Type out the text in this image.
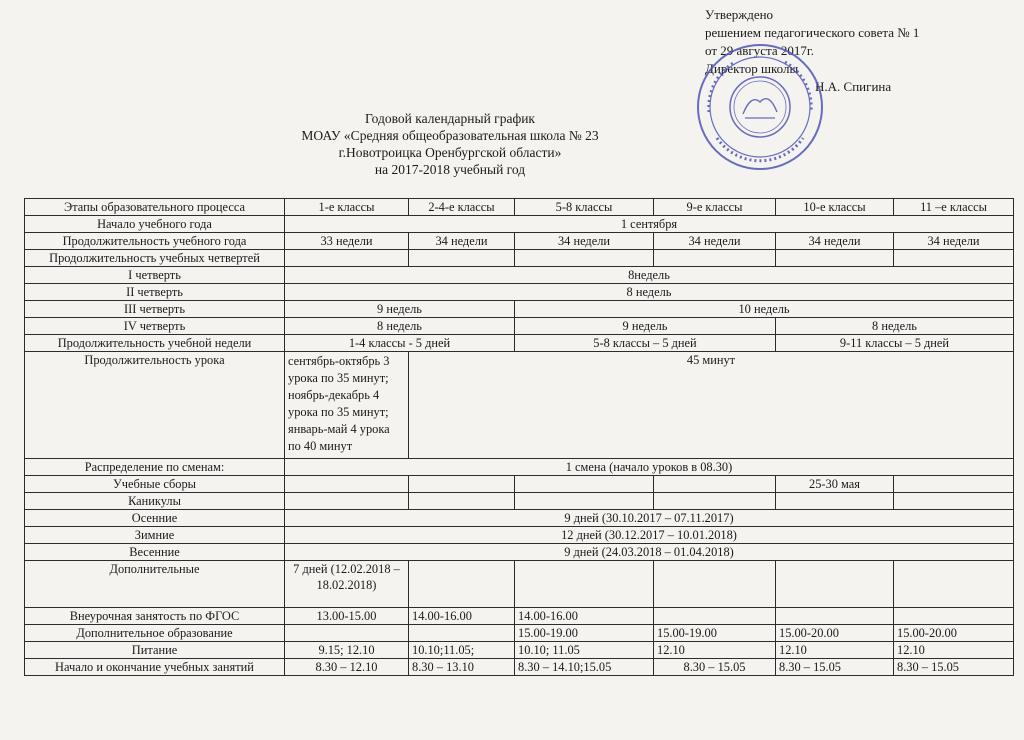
Утверждено
решением педагогического совета № 1
от 29 августа 2017г.
Директор школы
Н.А. Спигина
Годовой календарный график
МОАУ «Средняя общеобразовательная школа № 23
г.Новотроицка Оренбургской области»
на 2017-2018 учебный год
Этапы образовательного процесса	1-е классы	2-4-е классы	5-8 классы	9-е классы	10-е классы	11 –е классы
Начало учебного года	1 сентября					
Продолжительность учебного года	33 недели	34 недели	34 недели	34 недели	34 недели	34 недели
Продолжительность учебных четвертей						
I четверть	8недель					
II четверть	8 недель					
III четверть	9 недель		10 недель			
IV четверть	8 недель		9 недель		8 недель	
Продолжительность учебной недели	1-4 классы - 5 дней		5-8 классы – 5 дней		9-11 классы – 5 дней	
Продолжительность урока	сентябрь-октябрь 3 урока по 35 минут; ноябрь-декабрь 4 урока по 35 минут; январь-май 4 урока по 40 минут	45 минут				
Распределение по сменам:	1 смена (начало уроков в 08.30)					
Учебные сборы					25-30 мая	
Каникулы						
Осенние	9 дней (30.10.2017 – 07.11.2017)					
Зимние	12 дней (30.12.2017 – 10.01.2018)					
Весенние	9 дней (24.03.2018 – 01.04.2018)					
Дополнительные	7 дней (12.02.2018 – 18.02.2018)					
Внеурочная занятость по ФГОС	13.00-15.00	14.00-16.00	14.00-16.00			
Дополнительное образование			15.00-19.00	15.00-19.00	15.00-20.00	15.00-20.00
Питание	9.15; 12.10	10.10;11.05;	10.10; 11.05	12.10	12.10	12.10
Начало и окончание учебных занятий	8.30 – 12.10	8.30 – 13.10	8.30 – 14.10;15.05	8.30 – 15.05	8.30 – 15.05	8.30 – 15.05
